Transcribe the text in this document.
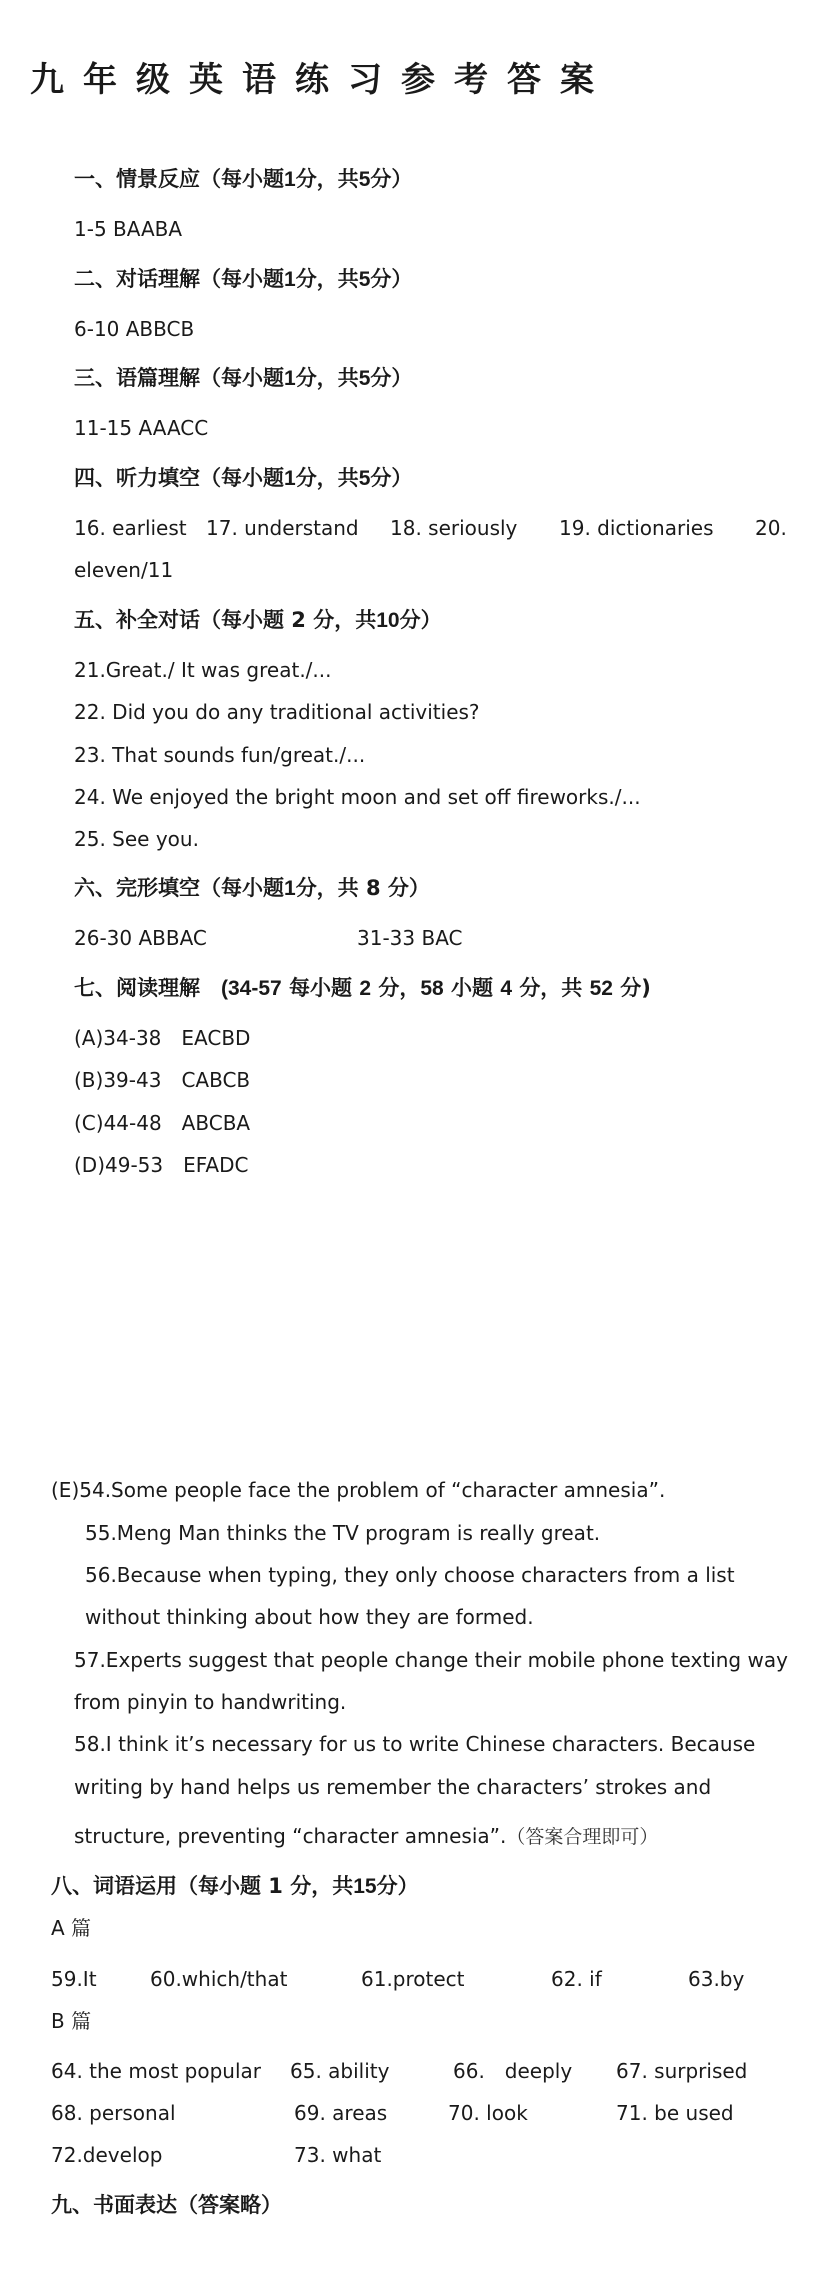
九年级英语练习参考答案
一、情景反应（每小题1分，共5分）
1-5 BAABA
二、对话理解（每小题1分，共5分）
6-10 ABBCB
三、语篇理解（每小题1分，共5分）
11-15 AAACC
四、听力填空（每小题1分，共5分）
16. earliest 17. understand 18. seriously 19. dictionaries 20.
eleven/11
五、补全对话（每小题 2 分，共10分）
21.Great./ It was great./...
22. Did you do any traditional activities?
23. That sounds fun/great./...
24. We enjoyed the bright moon and set off fireworks./...
25. See you.
六、完形填空（每小题1分，共 8 分）
26-30 ABBAC	31-33 BAC
七、阅读理解　 (34-57 每小题 2 分，58 小题 4 分，共 52 分)
(A)34-38　EACBD
(B)39-43　CABCB
(C)44-48　ABCBA
(D)49-53　EFADC
(E)54.Some people face the problem of “character amnesia”.
55.Meng Man thinks the TV program is really great.
56.Because when typing, they only choose characters from a list
without thinking about how they are formed.
57.Experts suggest that people change their mobile phone texting way
from pinyin to handwriting.
58.I think it’s necessary for us to write Chinese characters. Because
writing by hand helps us remember the characters’ strokes and
structure, preventing “character amnesia”.（答案合理即可）
八、词语运用（每小题 1 分，共15分）
A 篇
59.It	60.which/that	61.protect	62. if	63.by
B 篇
64. the most popular 65. ability	66.　deeply 67. surprised
68. personal	69. areas	70. look	71. be used
72.develop	73. what
九、书面表达（答案略）
